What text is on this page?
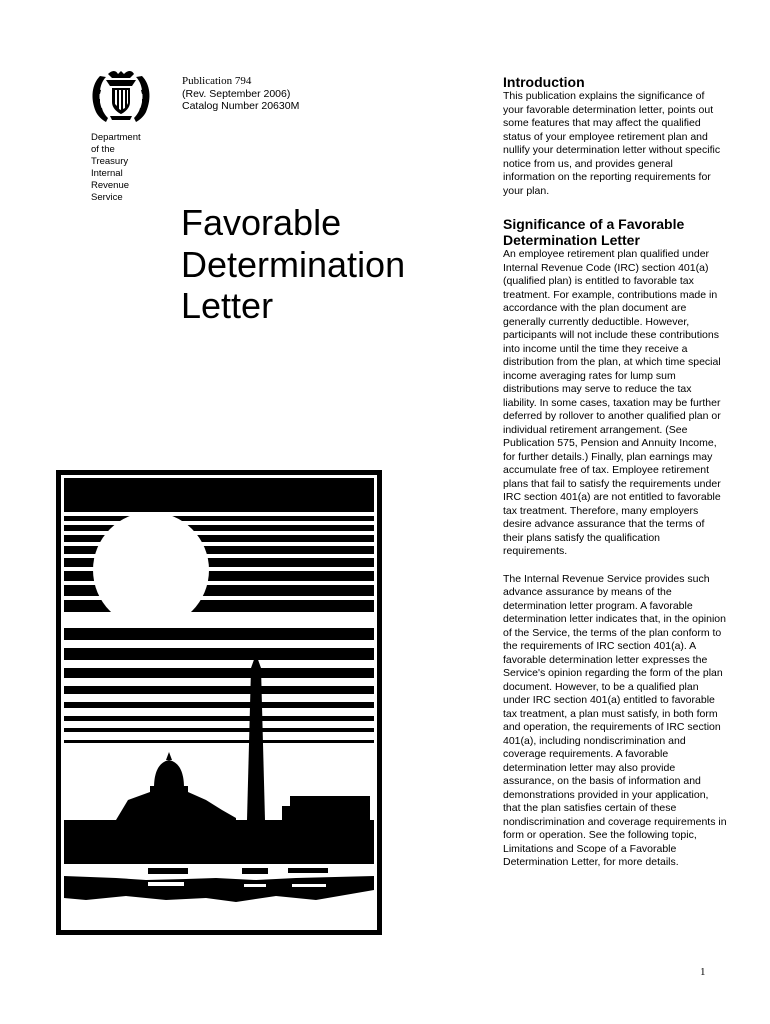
Department
of the
Treasury
Internal
Revenue
Service
Publication 794
(Rev. September 2006)
Catalog Number 20630M
Favorable
Determination
Letter
Introduction

This publication explains the significance of your favorable determination letter, points out some features that may affect the qualified status of your employee retirement plan and nullify your determination letter without specific notice from us, and provides general information on the reporting requirements for your plan.

Significance of a Favorable Determination Letter

An employee retirement plan qualified under Internal Revenue Code (IRC) section 401(a) (qualified plan) is entitled to favorable tax treatment. For example, contributions made in accordance with the plan document are generally currently deductible. However, participants will not include these contributions into income until the time they receive a distribution from the plan, at which time special income averaging rates for lump sum distributions may serve to reduce the tax liability. In some cases, taxation may be further deferred by rollover to another qualified plan or individual retirement arrangement. (See Publication 575, Pension and Annuity Income, for further details.) Finally, plan earnings may accumulate free of tax. Employee retirement plans that fail to satisfy the requirements under IRC section 401(a) are not entitled to favorable tax treatment. Therefore, many employers desire advance assurance that the terms of their plans satisfy the qualification requirements.

The Internal Revenue Service provides such advance assurance by means of the determination letter program. A favorable determination letter indicates that, in the opinion of the Service, the terms of the plan conform to the requirements of IRC section 401(a). A favorable determination letter expresses the Service's opinion regarding the form of the plan document. However, to be a qualified plan under IRC section 401(a) entitled to favorable tax treatment, a plan must satisfy, in both form and operation, the requirements of IRC section 401(a), including nondiscrimination and coverage requirements. A favorable determination letter may also provide assurance, on the basis of information and demonstrations provided in your application, that the plan satisfies certain of these nondiscrimination and coverage requirements in form or operation. See the following topic, Limitations and Scope of a Favorable Determination Letter, for more details.

1
